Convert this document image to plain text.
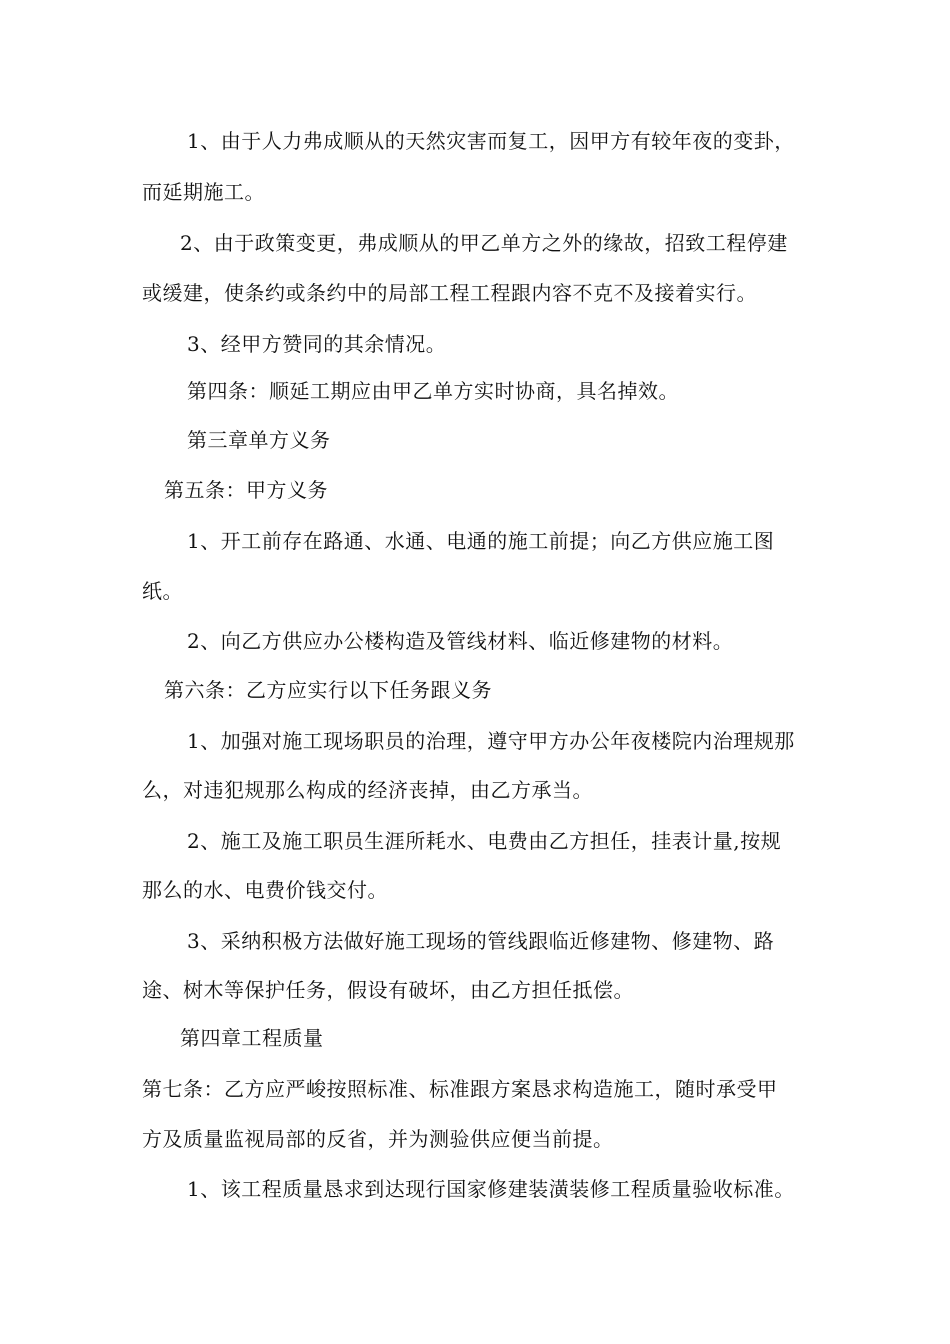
1、由于人力弗成顺从的天然灾害而复工，因甲方有较年夜的变卦，
而延期施工。
2、由于政策变更，弗成顺从的甲乙单方之外的缘故，招致工程停建
或缓建，使条约或条约中的局部工程工程跟内容不克不及接着实行。
3、经甲方赞同的其余情况。
第四条：顺延工期应由甲乙单方实时协商，具名掉效。
第三章单方义务
第五条：甲方义务
1、开工前存在路通、水通、电通的施工前提；向乙方供应施工图
纸。
2、向乙方供应办公楼构造及管线材料、临近修建物的材料。
第六条：乙方应实行以下任务跟义务
1、加强对施工现场职员的治理，遵守甲方办公年夜楼院内治理规那
么，对违犯规那么构成的经济丧掉，由乙方承当。
2、施工及施工职员生涯所耗水、电费由乙方担任，挂表计量,按规
那么的水、电费价钱交付。
3、采纳积极方法做好施工现场的管线跟临近修建物、修建物、路
途、树木等保护任务，假设有破坏，由乙方担任抵偿。
第四章工程质量
第七条：乙方应严峻按照标准、标准跟方案恳求构造施工，随时承受甲
方及质量监视局部的反省，并为测验供应便当前提。
1、该工程质量恳求到达现行国家修建装潢装修工程质量验收标准。
